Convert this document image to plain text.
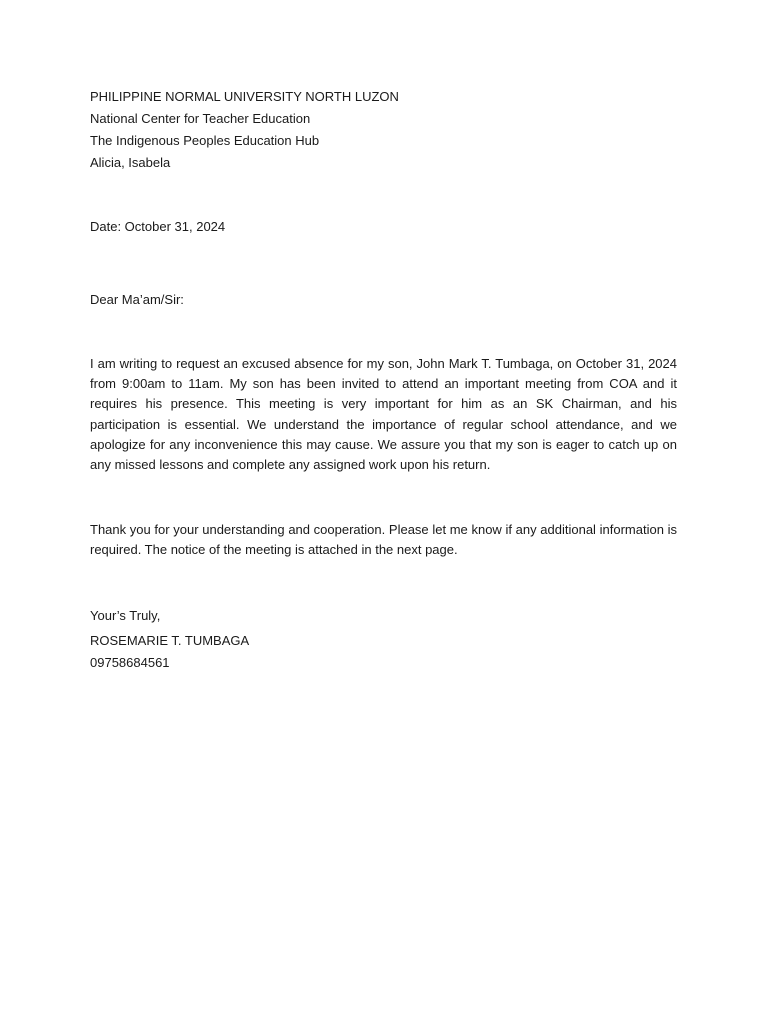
PHILIPPINE NORMAL UNIVERSITY NORTH LUZON
National Center for Teacher Education
The Indigenous Peoples Education Hub
Alicia, Isabela
Date: October 31, 2024
Dear Ma’am/Sir:

I am writing to request an excused absence for my son, John Mark T. Tumbaga, on October 31, 2024 from 9:00am to 11am. My son has been invited to attend an important meeting from COA and it requires his presence. This meeting is very important for him as an SK Chairman, and his participation is essential. We understand the importance of regular school attendance, and we apologize for any inconvenience this may cause. We assure you that my son is eager to catch up on any missed lessons and complete any assigned work upon his return.

Thank you for your understanding and cooperation. Please let me know if any additional information is required. The notice of the meeting is attached in the next page.

Your’s Truly,
ROSEMARIE T. TUMBAGA
09758684561
